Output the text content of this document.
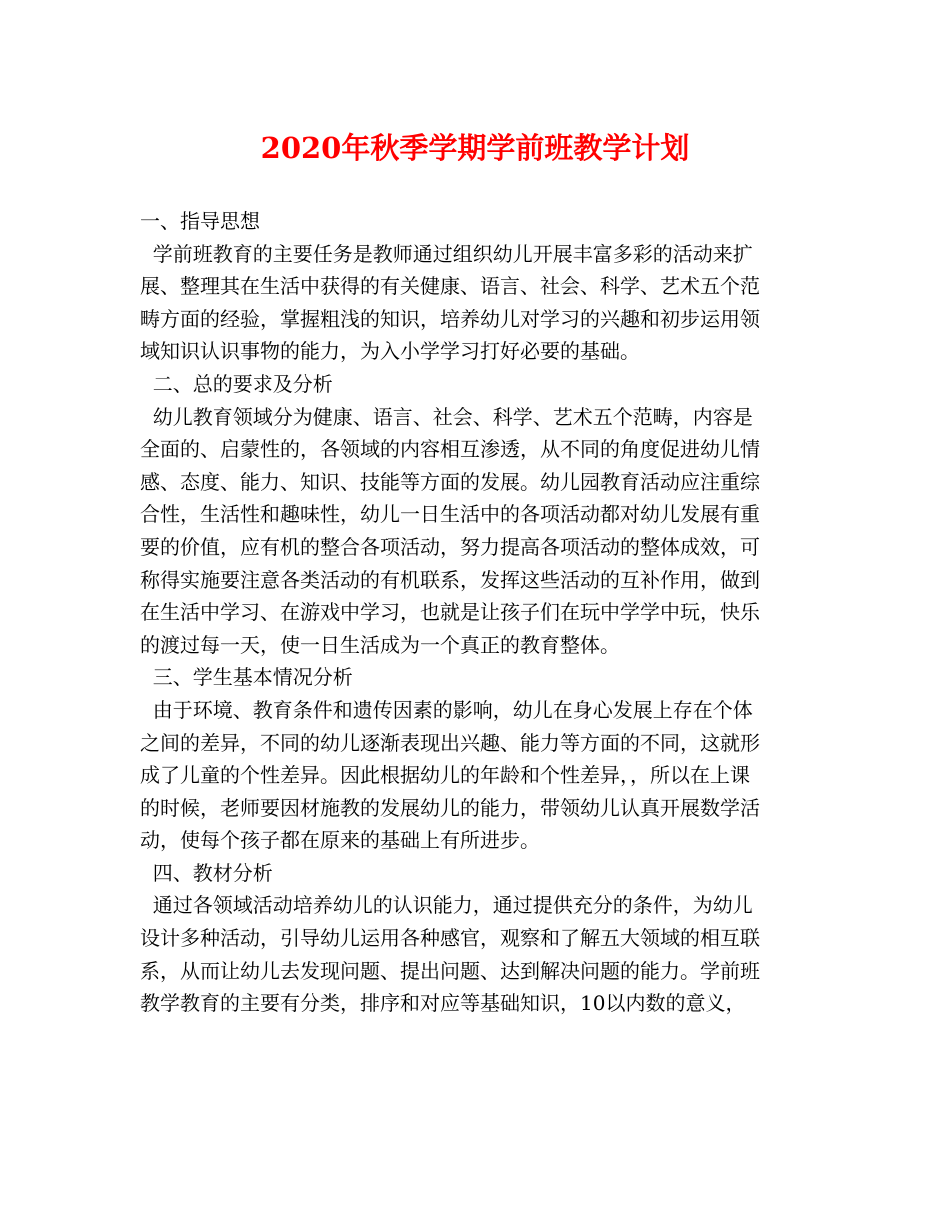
2020年秋季学期学前班教学计划
一、指导思想
学前班教育的主要任务是教师通过组织幼儿开展丰富多彩的活动来扩
展、整理其在生活中获得的有关健康、语言、社会、科学、艺术五个范
畴方面的经验，掌握粗浅的知识，培养幼儿对学习的兴趣和初步运用领
域知识认识事物的能力，为入小学学习打好必要的基础。
二、总的要求及分析
幼儿教育领域分为健康、语言、社会、科学、艺术五个范畴，内容是
全面的、启蒙性的，各领域的内容相互渗透，从不同的角度促进幼儿情
感、态度、能力、知识、技能等方面的发展。幼儿园教育活动应注重综
合性，生活性和趣味性，幼儿一日生活中的各项活动都对幼儿发展有重
要的价值，应有机的整合各项活动，努力提高各项活动的整体成效，可
称得实施要注意各类活动的有机联系，发挥这些活动的互补作用，做到
在生活中学习、在游戏中学习，也就是让孩子们在玩中学学中玩，快乐
的渡过每一天，使一日生活成为一个真正的教育整体。
三、学生基本情况分析
由于环境、教育条件和遗传因素的影响，幼儿在身心发展上存在个体
之间的差异，不同的幼儿逐渐表现出兴趣、能力等方面的不同，这就形
成了儿童的个性差异。因此根据幼儿的年龄和个性差异，，所以在上课
的时候，老师要因材施教的发展幼儿的能力，带领幼儿认真开展数学活
动，使每个孩子都在原来的基础上有所进步。
四、教材分析
通过各领域活动培养幼儿的认识能力，通过提供充分的条件，为幼儿
设计多种活动，引导幼儿运用各种感官，观察和了解五大领域的相互联
系，从而让幼儿去发现问题、提出问题、达到解决问题的能力。学前班
教学教育的主要有分类，排序和对应等基础知识，10以内数的意义，
